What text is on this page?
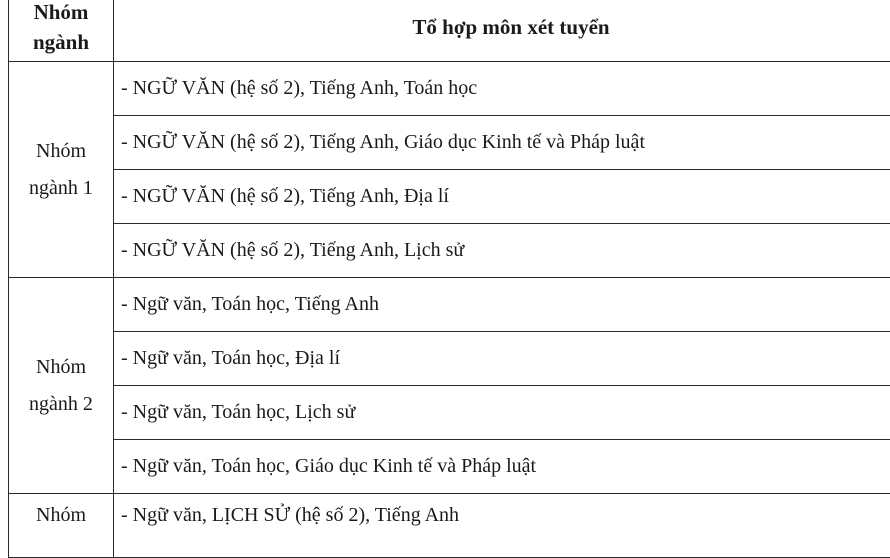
Nhóm
ngành	Tổ hợp môn xét tuyển

Nhóm
ngành 1	- NGỮ VĂN (hệ số 2), Tiếng Anh, Toán học
	- NGỮ VĂN (hệ số 2), Tiếng Anh, Giáo dục Kinh tế và Pháp luật
	- NGỮ VĂN (hệ số 2), Tiếng Anh, Địa lí
	- NGỮ VĂN (hệ số 2), Tiếng Anh, Lịch sử

Nhóm
ngành 2	- Ngữ văn, Toán học, Tiếng Anh
	- Ngữ văn, Toán học, Địa lí
	- Ngữ văn, Toán học, Lịch sử
	- Ngữ văn, Toán học, Giáo dục Kinh tế và Pháp luật

Nhóm	- Ngữ văn, LỊCH SỬ (hệ số 2), Tiếng Anh
